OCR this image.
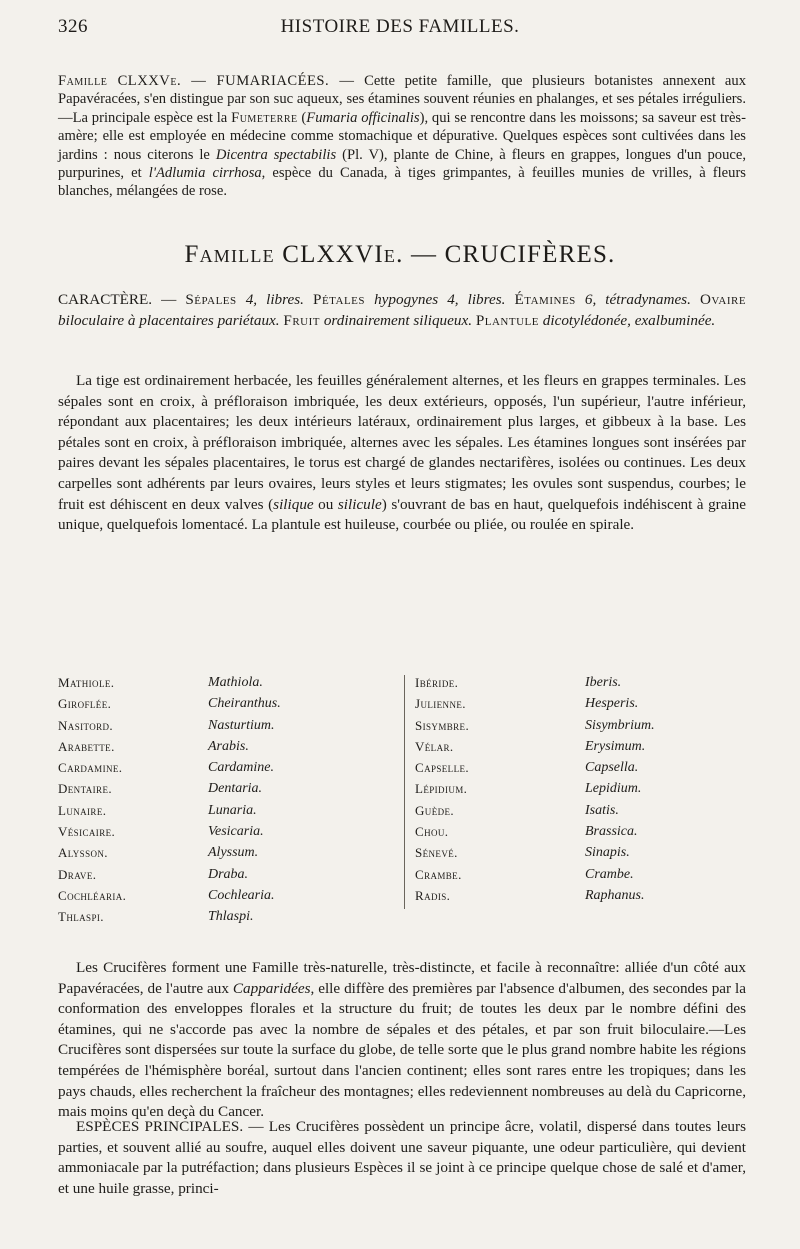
326	HISTOIRE DES FAMILLES.
Famille CLXXVe. — FUMARIACÉES. — Cette petite famille, que plusieurs botanistes annexent aux Papavéracées, s'en distingue par son suc aqueux, ses étamines souvent réunies en phalanges, et ses pétales irréguliers. —La principale espèce est la Fumeterre (Fumaria officinalis), qui se rencontre dans les moissons; sa saveur est très-amère; elle est employée en médecine comme stomachique et dépurative. Quelques espèces sont cultivées dans les jardins : nous citerons le Dicentra spectabilis (Pl. V), plante de Chine, à fleurs en grappes, longues d'un pouce, purpurines, et l'Adlumia cirrhosa, espèce du Canada, à tiges grimpantes, à feuilles munies de vrilles, à fleurs blanches, mélangées de rose.
Famille CLXXVIe. — CRUCIFÈRES.
CARACTÈRE. — Sépales 4, libres. Pétales hypogynes 4, libres. Étamines 6, tétradynames. Ovaire biloculaire à placentaires pariétaux. Fruit ordinairement siliqueux. Plantule dicotylédonée, exalbuminée.
La tige est ordinairement herbacée, les feuilles généralement alternes, et les fleurs en grappes terminales. Les sépales sont en croix, à préfloraison imbriquée, les deux extérieurs, opposés, l'un supérieur, l'autre inférieur, répondant aux placentaires; les deux intérieurs latéraux, ordinairement plus larges, et gibbeux à la base. Les pétales sont en croix, à préfloraison imbriquée, alternes avec les sépales. Les étamines longues sont insérées par paires devant les sépales placentaires, le torus est chargé de glandes nectarifères, isolées ou continues. Les deux carpelles sont adhérents par leurs ovaires, leurs styles et leurs stigmates; les ovules sont suspendus, courbes; le fruit est déhiscent en deux valves (silique ou silicule) s'ouvrant de bas en haut, quelquefois indéhiscent à graine unique, quelquefois lomentacé. La plantule est huileuse, courbée ou pliée, ou roulée en spirale.
Mathiole.	Mathiola.
Giroflée.	Cheiranthus.
Nasitord.	Nasturtium.
Arabette.	Arabis.
Cardamine.	Cardamine.
Dentaire.	Dentaria.
Lunaire.	Lunaria.
Vésicaire.	Vesicaria.
Alysson.	Alyssum.
Drave.	Draba.
Cochléaria.	Cochlearia.
Thlaspi.	Thlaspi.
Ibéride.	Iberis.
Julienne.	Hesperis.
Sisymbre.	Sisymbrium.
Vélar.	Erysimum.
Capselle.	Capsella.
Lépidium.	Lepidium.
Guède.	Isatis.
Chou.	Brassica.
Sénevé.	Sinapis.
Crambe.	Crambe.
Radis.	Raphanus.
Les Crucifères forment une Famille très-naturelle, très-distincte, et facile à reconnaître: alliée d'un côté aux Papavéracées, de l'autre aux Capparidées, elle diffère des premières par l'absence d'albumen, des secondes par la conformation des enveloppes florales et la structure du fruit; de toutes les deux par le nombre défini des étamines, qui ne s'accorde pas avec la nombre de sépales et des pétales, et par son fruit biloculaire.—Les Crucifères sont dispersées sur toute la surface du globe, de telle sorte que le plus grand nombre habite les régions tempérées de l'hémisphère boréal, surtout dans l'ancien continent; elles sont rares entre les tropiques; dans les pays chauds, elles recherchent la fraîcheur des montagnes; elles redeviennent nombreuses au delà du Capricorne, mais moins qu'en deçà du Cancer.
ESPÈCES PRINCIPALES. — Les Crucifères possèdent un principe âcre, volatil, dispersé dans toutes leurs parties, et souvent allié au soufre, auquel elles doivent une saveur piquante, une odeur particulière, qui devient ammoniacale par la putréfaction; dans plusieurs Espèces il se joint à ce principe quelque chose de salé et d'amer, et une huile grasse, princi-
